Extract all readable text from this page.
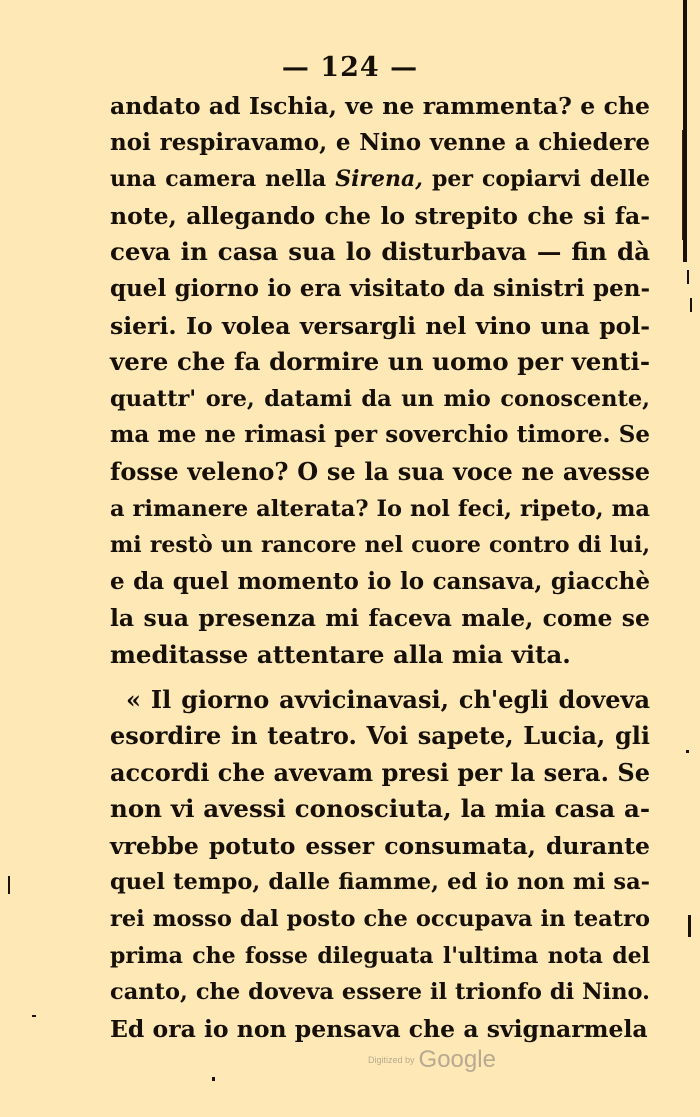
— 124 —
andato ad Ischia, ve ne rammenta? e che
noi respiravamo, e Nino venne a chiedere
una camera nella Sirena, per copiarvi delle
note, allegando che lo strepito che si fa-
ceva in casa sua lo disturbava — fin dà
quel giorno io era visitato da sinistri pen-
sieri. Io volea versargli nel vino una pol-
vere che fa dormire un uomo per venti-
quattr' ore, datami da un mio conoscente,
ma me ne rimasi per soverchio timore. Se
fosse veleno? O se la sua voce ne avesse
a rimanere alterata? Io nol feci, ripeto, ma
mi restò un rancore nel cuore contro di lui,
e da quel momento io lo cansava, giacchè
la sua presenza mi faceva male, come se
meditasse attentare alla mia vita.
« Il giorno avvicinavasi, ch'egli doveva
esordire in teatro. Voi sapete, Lucia, gli
accordi che avevam presi per la sera. Se
non vi avessi conosciuta, la mia casa a-
vrebbe potuto esser consumata, durante
quel tempo, dalle fiamme, ed io non mi sa-
rei mosso dal posto che occupava in teatro
prima che fosse dileguata l'ultima nota del
canto, che doveva essere il trionfo di Nino.
Ed ora io non pensava che a svignarmela
Digitized by Google
